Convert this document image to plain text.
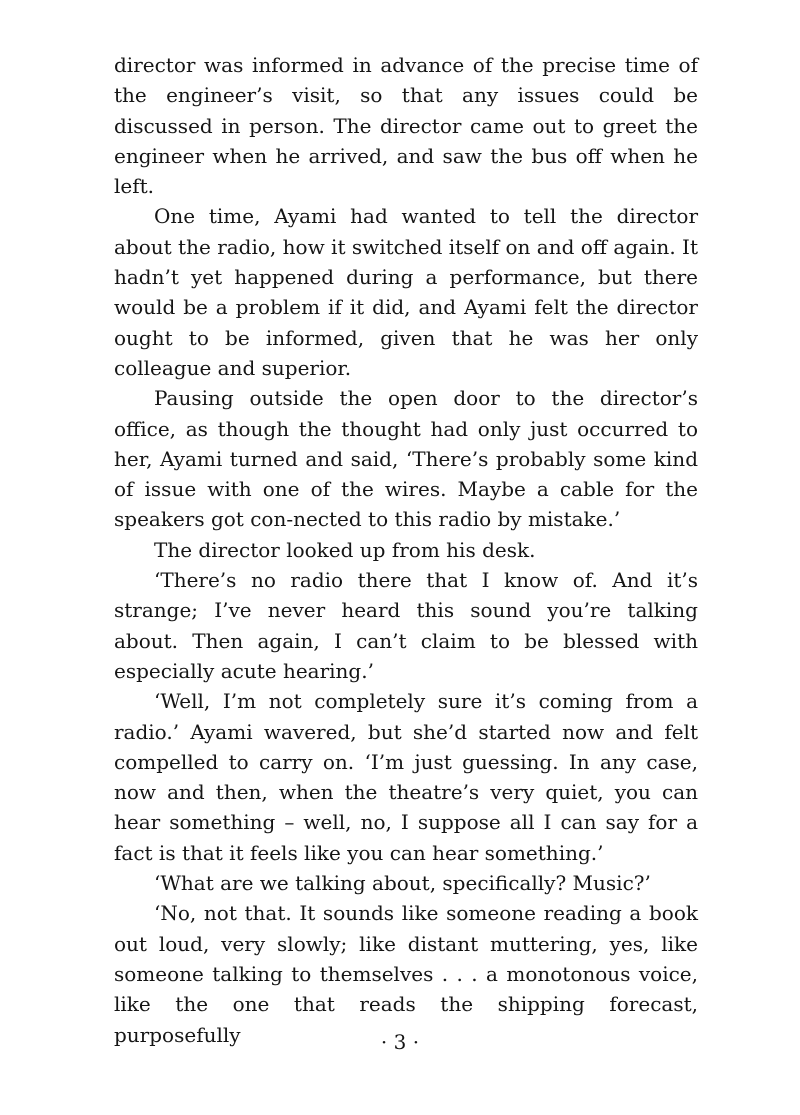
director was informed in advance of the precise time of the engineer’s visit, so that any issues could be discussed in person. The director came out to greet the engineer when he arrived, and saw the bus off when he left.

One time, Ayami had wanted to tell the director about the radio, how it switched itself on and off again. It hadn’t yet happened during a performance, but there would be a problem if it did, and Ayami felt the director ought to be informed, given that he was her only colleague and superior.

Pausing outside the open door to the director’s office, as though the thought had only just occurred to her, Ayami turned and said, ‘There’s probably some kind of issue with one of the wires. Maybe a cable for the speakers got con-nected to this radio by mistake.’

The director looked up from his desk.

‘There’s no radio there that I know of. And it’s strange; I’ve never heard this sound you’re talking about. Then again, I can’t claim to be blessed with especially acute hearing.’

‘Well, I’m not completely sure it’s coming from a radio.’ Ayami wavered, but she’d started now and felt compelled to carry on. ‘I’m just guessing. In any case, now and then, when the theatre’s very quiet, you can hear something – well, no, I suppose all I can say for a fact is that it feels like you can hear something.’

‘What are we talking about, specifically? Music?’

‘No, not that. It sounds like someone reading a book out loud, very slowly; like distant muttering, yes, like someone talking to themselves . . . a monotonous voice, like the one that reads the shipping forecast, purposefully	· 3 ·
